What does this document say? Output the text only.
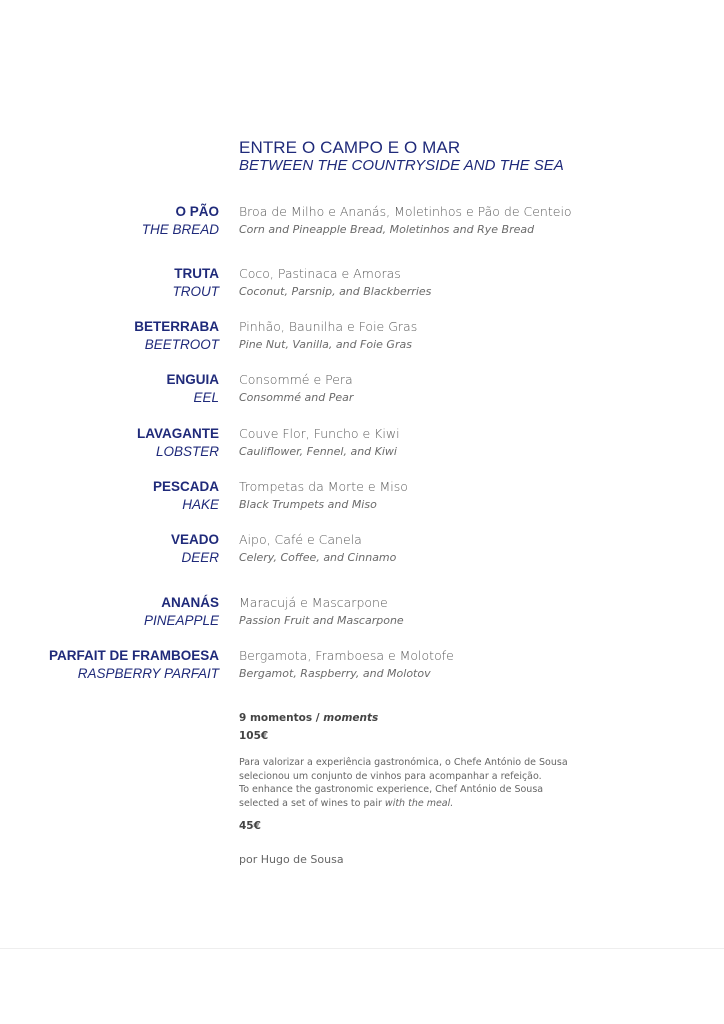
ENTRE O CAMPO E O MAR
BETWEEN THE COUNTRYSIDE AND THE SEA
O PÃO
THE BREAD
Broa de Milho e Ananás, Moletinhos e Pão de Centeio
Corn and Pineapple Bread, Moletinhos and Rye Bread
TRUTA
TROUT
Coco, Pastinaca e Amoras
Coconut, Parsnip, and Blackberries
BETERRABA
BEETROOT
Pinhão, Baunilha e Foie Gras
Pine Nut, Vanilla, and Foie Gras
ENGUIA
EEL
Consommé e Pera
Consommé and Pear
LAVAGANTE
LOBSTER
Couve Flor, Funcho e Kiwi
Cauliflower, Fennel, and Kiwi
PESCADA
HAKE
Trompetas da Morte e Miso
Black Trumpets and Miso
VEADO
DEER
Aipo, Café e Canela
Celery, Coffee, and Cinnamo
ANANÁS
PINEAPPLE
Maracujá e Mascarpone
Passion Fruit and Mascarpone
PARFAIT DE FRAMBOESA
RASPBERRY PARFAIT
Bergamota, Framboesa e Molotofe
Bergamot, Raspberry, and Molotov
9 momentos / moments
105€
Para valorizar a experiência gastronómica, o Chefe António de Sousa
selecionou um conjunto de vinhos para acompanhar a refeição.
To enhance the gastronomic experience, Chef António de Sousa
selected a set of wines to pair with the meal.
45€
por Hugo de Sousa
